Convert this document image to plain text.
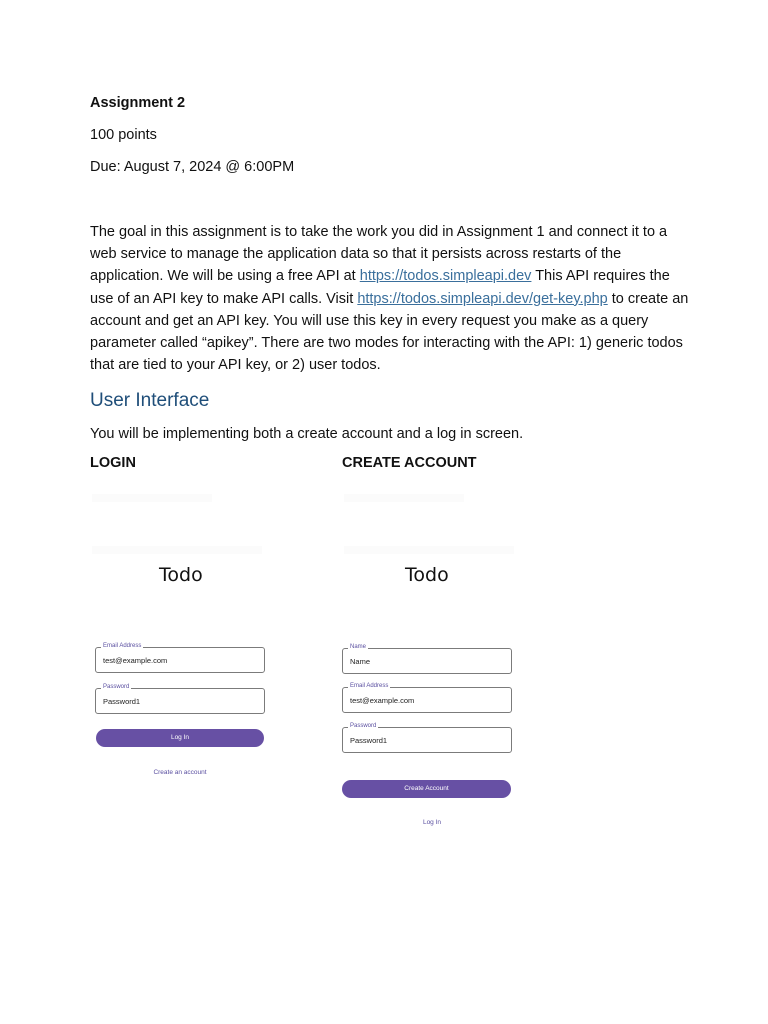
Assignment 2

100 points

Due: August 7, 2024 @ 6:00PM

The goal in this assignment is to take the work you did in Assignment 1 and connect it to a web service to manage the application data so that it persists across restarts of the application. We will be using a free API at https://todos.simpleapi.dev This API requires the use of an API key to make API calls. Visit https://todos.simpleapi.dev/get-key.php to create an account and get an API key. You will use this key in every request you make as a query parameter called “apikey”. There are two modes for interacting with the API: 1) generic todos that are tied to your API key, or 2) user todos.

User Interface

You will be implementing both a create account and a log in screen.

LOGIN	CREATE ACCOUNT
Todo
Email Address
test@example.com
Password
Password1
Log In
Create an account
Todo
Name
Name
Email Address
test@example.com
Password
Password1
Create Account
Log In
